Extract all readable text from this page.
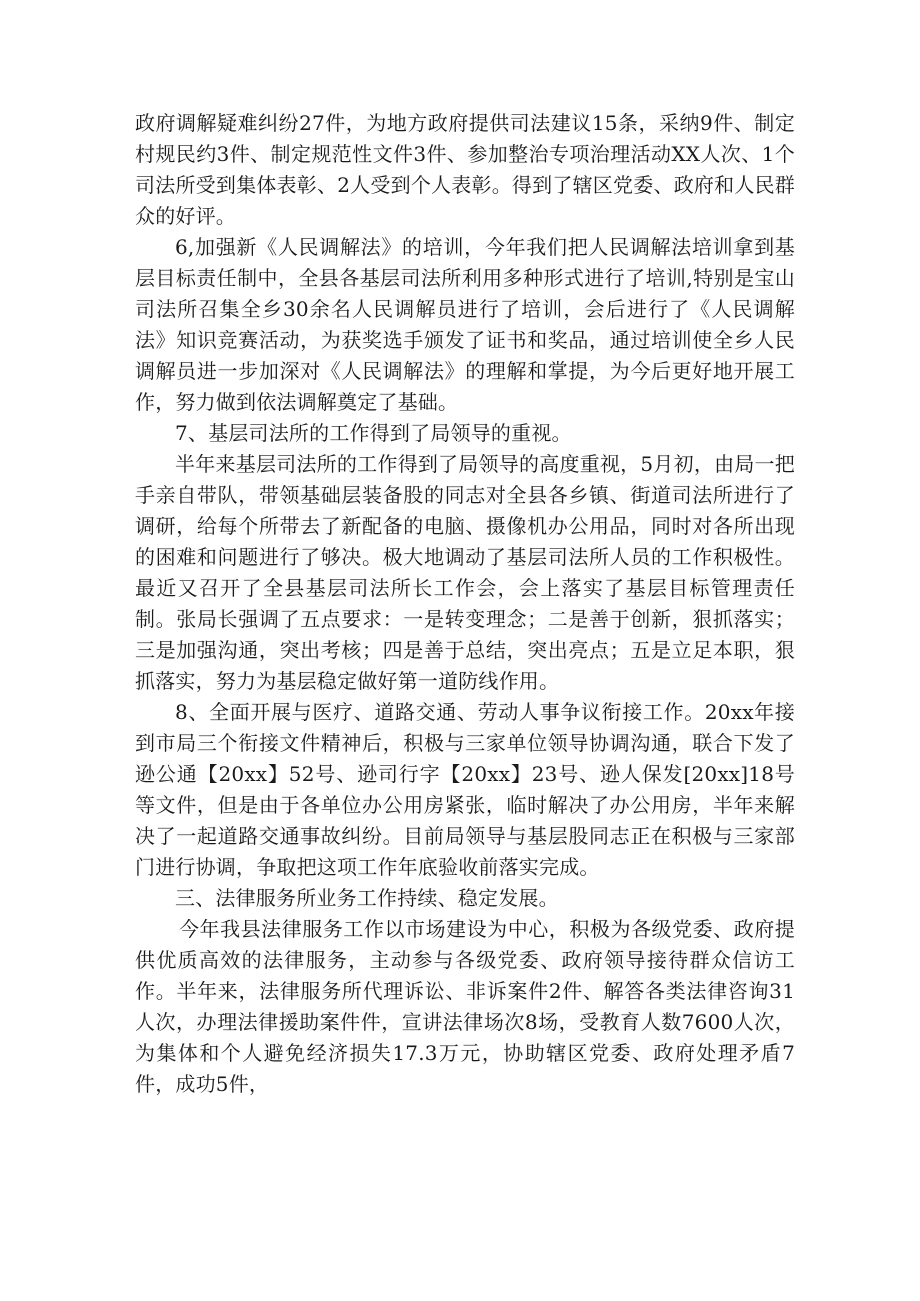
政府调解疑难纠纷27件，为地方政府提供司法建议15条，采纳9件、制定村规民约3件、制定规范性文件3件、参加整治专项治理活动XX人次、1个司法所受到集体表彰、2人受到个人表彰。得到了辖区党委、政府和人民群众的好评。

6,加强新《人民调解法》的培训，今年我们把人民调解法培训拿到基层目标责任制中，全县各基层司法所利用多种形式进行了培训,特别是宝山司法所召集全乡30余名人民调解员进行了培训，会后进行了《人民调解法》知识竞赛活动，为获奖选手颁发了证书和奖品，通过培训使全乡人民调解员进一步加深对《人民调解法》的理解和掌提，为今后更好地开展工作，努力做到依法调解奠定了基础。

7、基层司法所的工作得到了局领导的重视。

半年来基层司法所的工作得到了局领导的高度重视，5月初，由局一把手亲自带队，带领基础层装备股的同志对全县各乡镇、街道司法所进行了调研，给每个所带去了新配备的电脑、摄像机办公用品，同时对各所出现的困难和问题进行了够决。极大地调动了基层司法所人员的工作积极性。最近又召开了全县基层司法所长工作会，会上落实了基层目标管理责任制。张局长强调了五点要求：一是转变理念；二是善于创新，狠抓落实；三是加强沟通，突出考核；四是善于总结，突出亮点；五是立足本职，狠抓落实，努力为基层稳定做好第一道防线作用。

8、全面开展与医疗、道路交通、劳动人事争议衔接工作。20xx年接到市局三个衔接文件精神后，积极与三家单位领导协调沟通，联合下发了逊公通【20xx】52号、逊司行字【20xx】23号、逊人保发[20xx]18号等文件，但是由于各单位办公用房紧张，临时解决了办公用房，半年来解决了一起道路交通事故纠纷。目前局领导与基层股同志正在积极与三家部门进行协调，争取把这项工作年底验收前落实完成。

三、法律服务所业务工作持续、稳定发展。

今年我县法律服务工作以市场建设为中心，积极为各级党委、政府提供优质高效的法律服务，主动参与各级党委、政府领导接待群众信访工作。半年来，法律服务所代理诉讼、非诉案件2件、解答各类法律咨询31人次，办理法律援助案件件，宣讲法律场次8场，受教育人数7600人次，为集体和个人避免经济损失17.3万元，协助辖区党委、政府处理矛盾7件，成功5件，
